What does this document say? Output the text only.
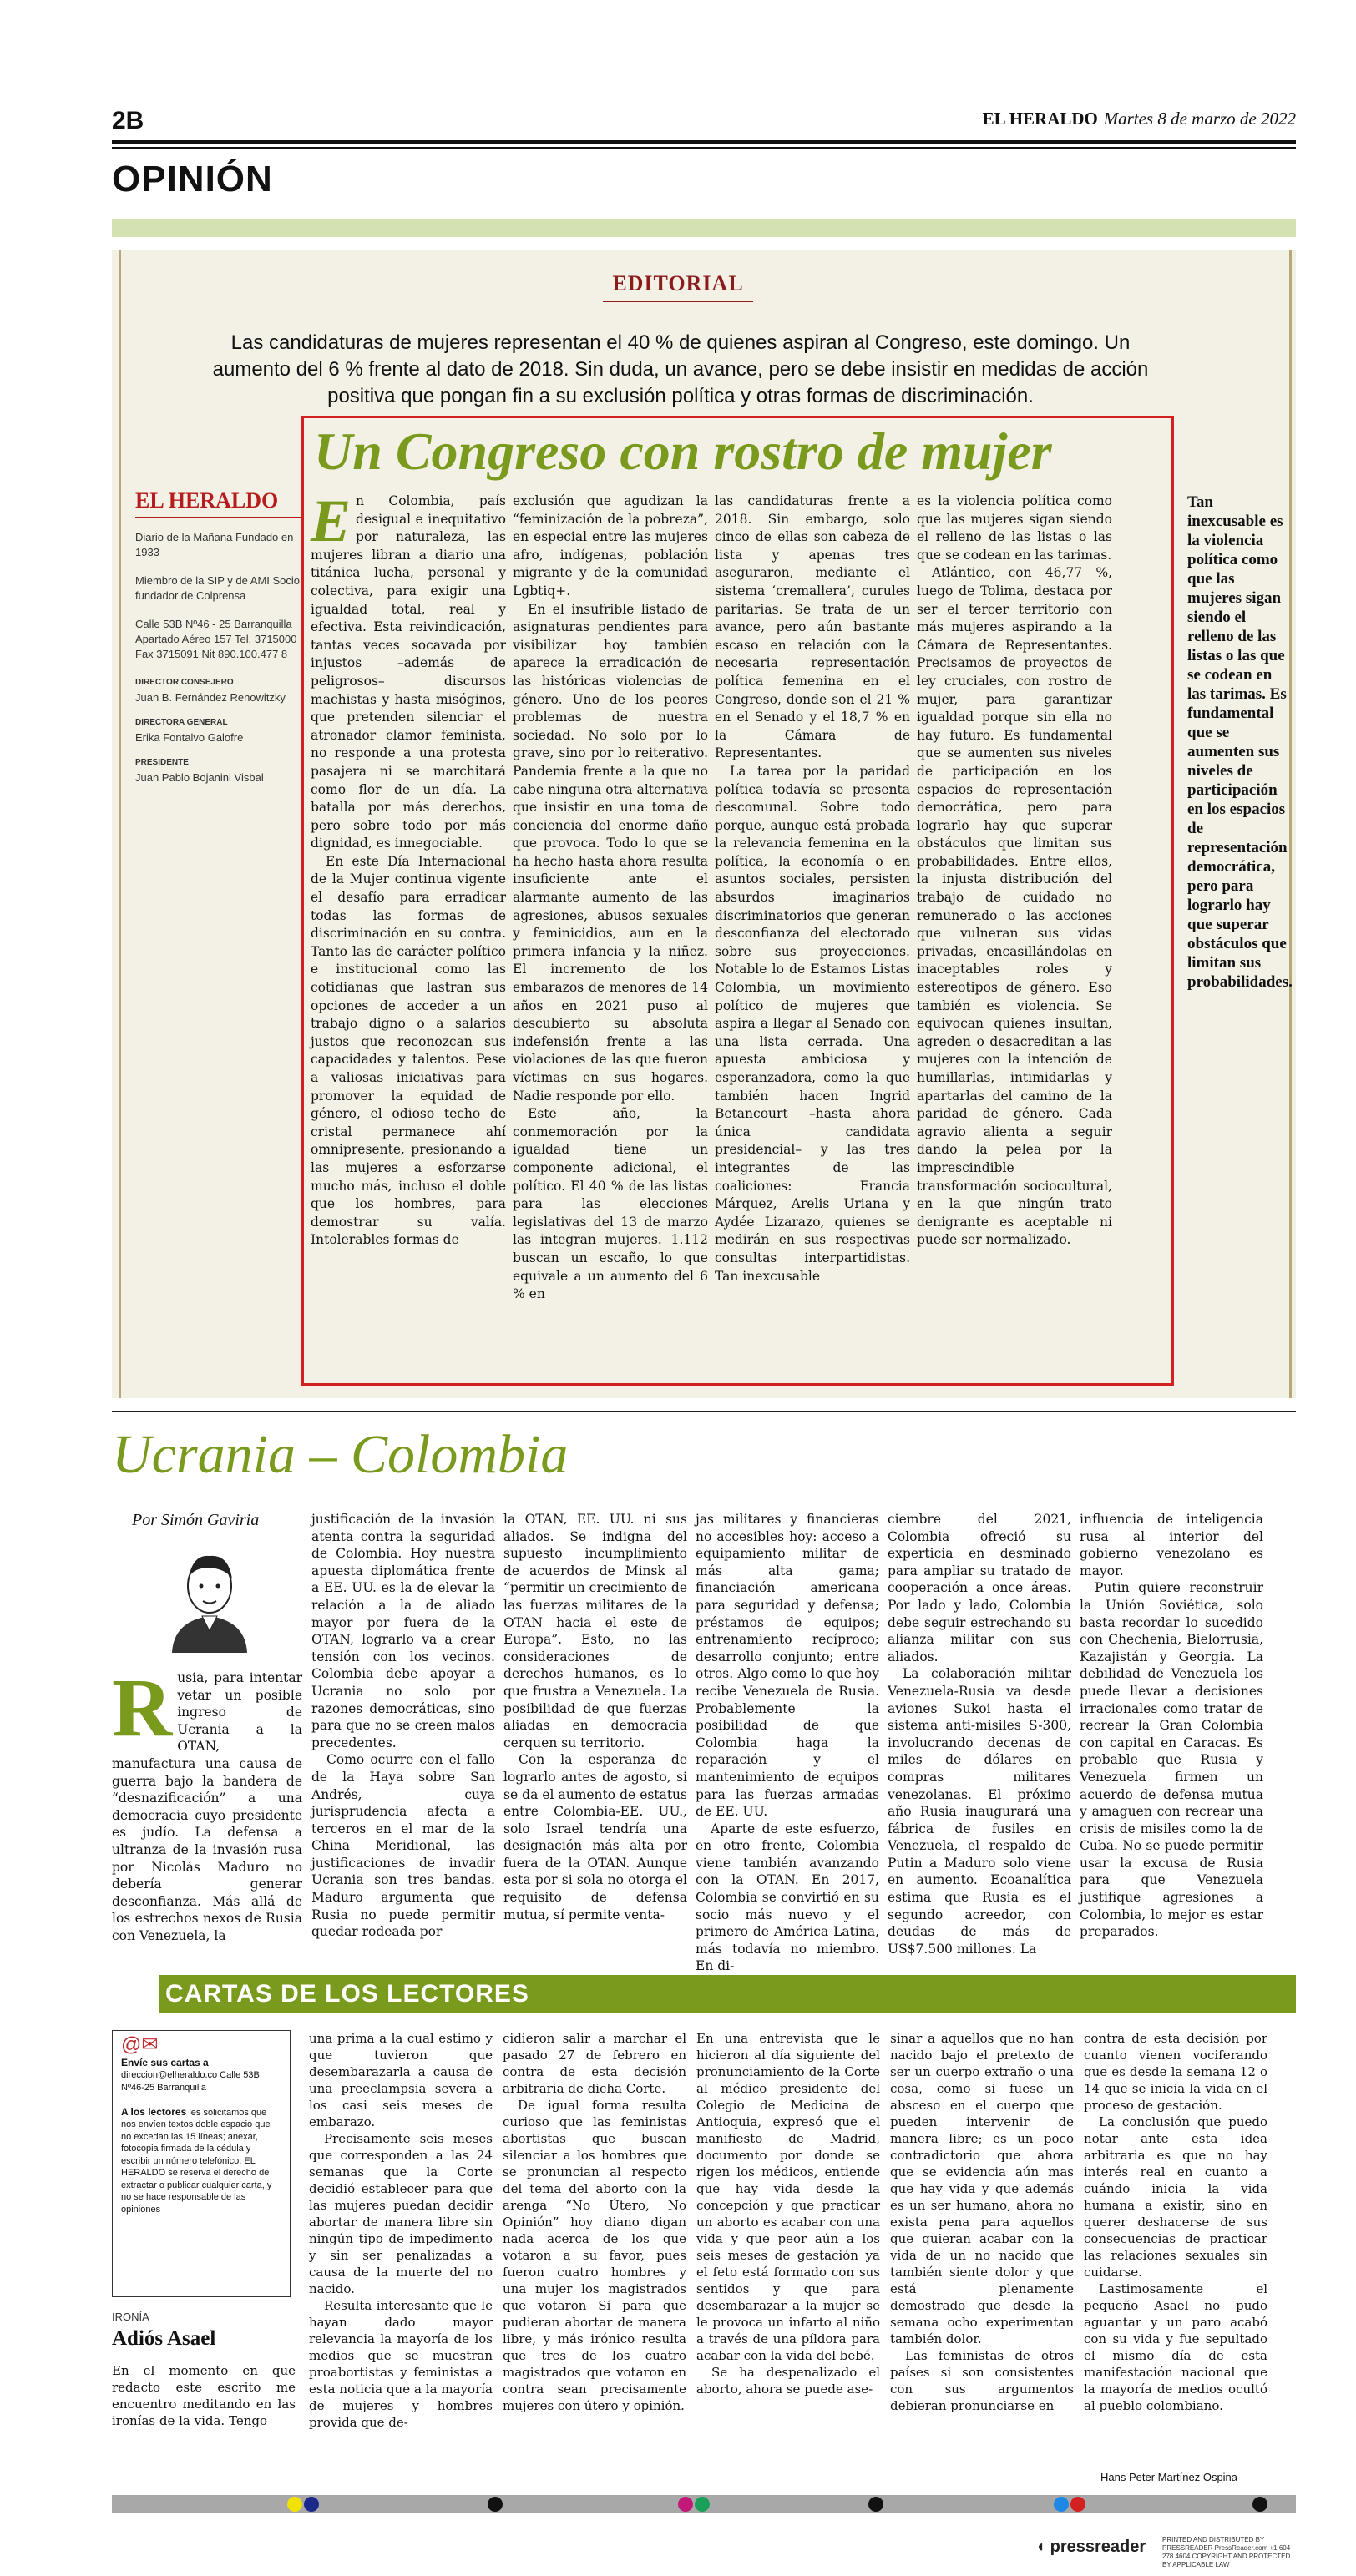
2B	EL HERALDO Martes 8 de marzo de 2022
OPINIÓN
EDITORIAL
Las candidaturas de mujeres representan el 40 % de quienes aspiran al Congreso, este domingo. Un aumento del 6 % frente al dato de 2018. Sin duda, un avance, pero se debe insistir en medidas de acción positiva que pongan fin a su exclusión política y otras formas de discriminación.
Un Congreso con rostro de mujer
EL HERALDO

Diario de la Mañana Fundado en 1933

Miembro de la SIP y de AMI Socio fundador de Colprensa

Calle 53B Nº46 - 25 Barranquilla Apartado Aéreo 157 Tel. 3715000 Fax 3715091 Nit 890.100.477 8

DIRECTOR CONSEJERO

Juan B. Fernández Renowitzky

DIRECTORA GENERAL

Erika Fontalvo Galofre

PRESIDENTE

Juan Pablo Bojanini Visbal

E n Colombia, país desigual e inequitativo por naturaleza, las mujeres libran a diario una titánica lucha, personal y colectiva, para exigir una igualdad total, real y efectiva. Esta reivindicación, tantas veces socavada por injustos –además de peligrosos– discursos machistas y hasta misóginos, que pretenden silenciar el atronador clamor feminista, no responde a una protesta pasajera ni se marchitará como flor de un día. La batalla por más derechos, pero sobre todo por más dignidad, es innegociable.

En este Día Internacional de la Mujer continua vigente el desafío para erradicar todas las formas de discriminación en su contra. Tanto las de carácter político e institucional como las cotidianas que lastran sus opciones de acceder a un trabajo digno o a salarios justos que reconozcan sus capacidades y talentos. Pese a valiosas iniciativas para promover la equidad de género, el odioso techo de cristal permanece ahí omnipresente, presionando a las mujeres a esforzarse mucho más, incluso el doble que los hombres, para demostrar su valía. Intolerables formas de

exclusión que agudizan la “feminización de la pobreza”, en especial entre las mujeres afro, indígenas, población migrante y de la comunidad Lgbtiq+.

En el insufrible listado de asignaturas pendientes para visibilizar hoy también aparece la erradicación de las históricas violencias de género. Uno de los peores problemas de nuestra sociedad. No solo por lo grave, sino por lo reiterativo. Pandemia frente a la que no cabe ninguna otra alternativa que insistir en una toma de conciencia del enorme daño que provoca. Todo lo que se ha hecho hasta ahora resulta insuficiente ante el alarmante aumento de las agresiones, abusos sexuales y feminicidios, aun en la primera infancia y la niñez. El incremento de los embarazos de menores de 14 años en 2021 puso al descubierto su absoluta indefensión frente a las violaciones de las que fueron víctimas en sus hogares. Nadie responde por ello.

Este año, la conmemoración por la igualdad tiene un componente adicional, el político. El 40 % de las listas para las elecciones legislativas del 13 de marzo las integran mujeres. 1.112 buscan un escaño, lo que equivale a un aumento del 6 % en

las candidaturas frente a 2018. Sin embargo, solo cinco de ellas son cabeza de lista y apenas tres aseguraron, mediante el sistema ‘cremallera’, curules paritarias. Se trata de un avance, pero aún bastante escaso en relación con la necesaria representación política femenina en el Congreso, donde son el 21 % en el Senado y el 18,7 % en la Cámara de Representantes.

La tarea por la paridad política todavía se presenta descomunal. Sobre todo porque, aunque está probada la relevancia femenina en la política, la economía o en asuntos sociales, persisten absurdos imaginarios discriminatorios que generan desconfianza del electorado sobre sus proyecciones. Notable lo de Estamos Listas Colombia, un movimiento político de mujeres que aspira a llegar al Senado con una lista cerrada. Una apuesta ambiciosa y esperanzadora, como la que también hacen Ingrid Betancourt –hasta ahora única candidata presidencial– y las tres integrantes de las coaliciones: Francia Márquez, Arelis Uriana y Aydée Lizarazo, quienes se medirán en sus respectivas consultas interpartidistas. Tan inexcusable

es la violencia política como que las mujeres sigan siendo el relleno de las listas o las que se codean en las tarimas.

Atlántico, con 46,77 %, luego de Tolima, destaca por ser el tercer territorio con más mujeres aspirando a la Cámara de Representantes. Precisamos de proyectos de ley cruciales, con rostro de mujer, para garantizar igualdad porque sin ella no hay futuro. Es fundamental que se aumenten sus niveles de participación en los espacios de representación democrática, pero para lograrlo hay que superar obstáculos que limitan sus probabilidades. Entre ellos, la injusta distribución del trabajo de cuidado no remunerado o las acciones que vulneran sus vidas privadas, encasillándolas en inaceptables roles y estereotipos de género. Eso también es violencia. Se equivocan quienes insultan, agreden o desacreditan a las mujeres con la intención de humillarlas, intimidarlas y apartarlas del camino de la paridad de género. Cada agravio alienta a seguir dando la pelea por la imprescindible transformación sociocultural, en la que ningún trato denigrante es aceptable ni puede ser normalizado.

Tan inexcusable es la violencia política como que las mujeres sigan siendo el relleno de las listas o las que se codean en las tarimas. Es fundamental que se aumenten sus niveles de participación en los espacios de representación democrática, pero para lograrlo hay que superar obstáculos que limitan sus probabilidades.
Ucrania – Colombia
Por Simón Gaviria
R usia, para intentar vetar un posible ingreso de Ucrania a la OTAN, manufactura una causa de guerra bajo la bandera de “desnazificación” a una democracia cuyo presidente es judío. La defensa a ultranza de la invasión rusa por Nicolás Maduro no debería generar desconfianza. Más allá de los estrechos nexos de Rusia con Venezuela, la

justificación de la invasión atenta contra la seguridad de Colombia. Hoy nuestra apuesta diplomática frente a EE. UU. es la de elevar la relación a la de aliado mayor por fuera de la OTAN, lograrlo va a crear tensión con los vecinos. Colombia debe apoyar a Ucrania no solo por razones democráticas, sino para que no se creen malos precedentes.

Como ocurre con el fallo de la Haya sobre San Andrés, cuya jurisprudencia afecta a terceros en el mar de la China Meridional, las justificaciones de invadir Ucrania son tres bandas. Maduro argumenta que Rusia no puede permitir quedar rodeada por

la OTAN, EE. UU. ni sus aliados. Se indigna del supuesto incumplimiento de acuerdos de Minsk al “permitir un crecimiento de las fuerzas militares de la OTAN hacia el este de Europa”. Esto, no las consideraciones de derechos humanos, es lo que frustra a Venezuela. La posibilidad de que fuerzas aliadas en democracia cerquen su territorio.

Con la esperanza de lograrlo antes de agosto, si se da el aumento de estatus entre Colombia-EE. UU., solo Israel tendría una designación más alta por fuera de la OTAN. Aunque esta por si sola no otorga el requisito de defensa mutua, sí permite venta-

jas militares y financieras no accesibles hoy: acceso a equipamiento militar de más alta gama; financiación americana para seguridad y defensa; préstamos de equipos; entrenamiento recíproco; desarrollo conjunto; entre otros. Algo como lo que hoy recibe Venezuela de Rusia. Probablemente la posibilidad de que Colombia haga la reparación y el mantenimiento de equipos para las fuerzas armadas de EE. UU.

Aparte de este esfuerzo, en otro frente, Colombia viene también avanzando con la OTAN. En 2017, Colombia se convirtió en su socio más nuevo y el primero de América Latina, más todavía no miembro. En di-

ciembre del 2021, Colombia ofreció su experticia en desminado para ampliar su tratado de cooperación a once áreas. Por lado y lado, Colombia debe seguir estrechando su alianza militar con sus aliados.

La colaboración militar Venezuela-Rusia va desde aviones Sukoi hasta el sistema anti-misiles S-300, involucrando decenas de miles de dólares en compras militares venezolanas. El próximo año Rusia inaugurará una fábrica de fusiles en Venezuela, el respaldo de Putin a Maduro solo viene en aumento. Ecoanalítica estima que Rusia es el segundo acreedor, con deudas de más de US$7.500 millones. La

influencia de inteligencia rusa al interior del gobierno venezolano es mayor.

Putin quiere reconstruir la Unión Soviética, solo basta recordar lo sucedido con Chechenia, Bielorrusia, Kazajistán y Georgia. La debilidad de Venezuela los puede llevar a decisiones irracionales como tratar de recrear la Gran Colombia con capital en Caracas. Es probable que Rusia y Venezuela firmen un acuerdo de defensa mutua y amaguen con recrear una crisis de misiles como la de Cuba. No se puede permitir usar la excusa de Rusia para que Venezuela justifique agresiones a Colombia, lo mejor es estar preparados.

CARTAS DE LOS LECTORES
@✉
Envíe sus cartas a
direccion@elheraldo.co Calle 53B Nº46-25 Barranquilla

A los lectores les solicitamos que nos envíen textos doble espacio que no excedan las 15 líneas; anexar, fotocopia firmada de la cédula y escribir un número telefónico. EL HERALDO se reserva el derecho de extractar o publicar cualquier carta, y no se hace responsable de las opiniones
IRONÍA
Adiós Asael

En el momento en que redacto este escrito me encuentro meditando en las ironías de la vida. Tengo

una prima a la cual estimo y que tuvieron que desembarazarla a causa de una preeclampsia severa a los casi seis meses de embarazo.

Precisamente seis meses que corresponden a las 24 semanas que la Corte decidió establecer para que las mujeres puedan decidir abortar de manera libre sin ningún tipo de impedimento y sin ser penalizadas a causa de la muerte del no nacido.

Resulta interesante que le hayan dado mayor relevancia la mayoría de los medios que se muestran proabortistas y feministas a esta noticia que a la mayoría de mujeres y hombres provida que de-

cidieron salir a marchar el pasado 27 de febrero en contra de esta decisión arbitraria de dicha Corte.

De igual forma resulta curioso que las feministas abortistas que buscan silenciar a los hombres que se pronuncian al respecto del tema del aborto con la arenga “No Útero, No Opinión” hoy diano digan nada acerca de los que votaron a su favor, pues fueron cuatro hombres y una mujer los magistrados que votaron Sí para que pudieran abortar de manera libre, y más irónico resulta que tres de los cuatro magistrados que votaron en contra sean precisamente mujeres con útero y opinión.

En una entrevista que le hicieron al día siguiente del pronunciamiento de la Corte al médico presidente del Colegio de Medicina de Antioquia, expresó que el manifiesto de Madrid, documento por donde se rigen los médicos, entiende que hay vida desde la concepción y que practicar un aborto es acabar con una vida y que peor aún a los seis meses de gestación ya el feto está formado con sus sentidos y que para desembarazar a la mujer se le provoca un infarto al niño a través de una píldora para acabar con la vida del bebé.

Se ha despenalizado el aborto, ahora se puede ase-

sinar a aquellos que no han nacido bajo el pretexto de ser un cuerpo extraño o una cosa, como si fuese un absceso en el cuerpo que pueden intervenir de manera libre; es un poco contradictorio que ahora que se evidencia aún mas que hay vida y que además es un ser humano, ahora no exista pena para aquellos que quieran acabar con la vida de un no nacido que también siente dolor y que está plenamente demostrado que desde la semana ocho experimentan también dolor.

Las feministas de otros países si son consistentes con sus argumentos debieran pronunciarse en

contra de esta decisión por cuanto vienen vociferando que es desde la semana 12 o 14 que se inicia la vida en el proceso de gestación.

La conclusión que puedo notar ante esta idea arbitraria es que no hay interés real en cuanto a cuándo inicia la vida humana a existir, sino en querer deshacerse de sus consecuencias de practicar las relaciones sexuales sin cuidarse.

Lastimosamente el pequeño Asael no pudo aguantar y un paro acabó con su vida y fue sepultado el mismo día de esta manifestación nacional que la mayoría de medios ocultó al pueblo colombiano.

Hans Peter Martínez Ospina
◖ pressreader PRINTED AND DISTRIBUTED BY PRESSREADER PressReader.com +1 604 278 4604 COPYRIGHT AND PROTECTED BY APPLICABLE LAW
